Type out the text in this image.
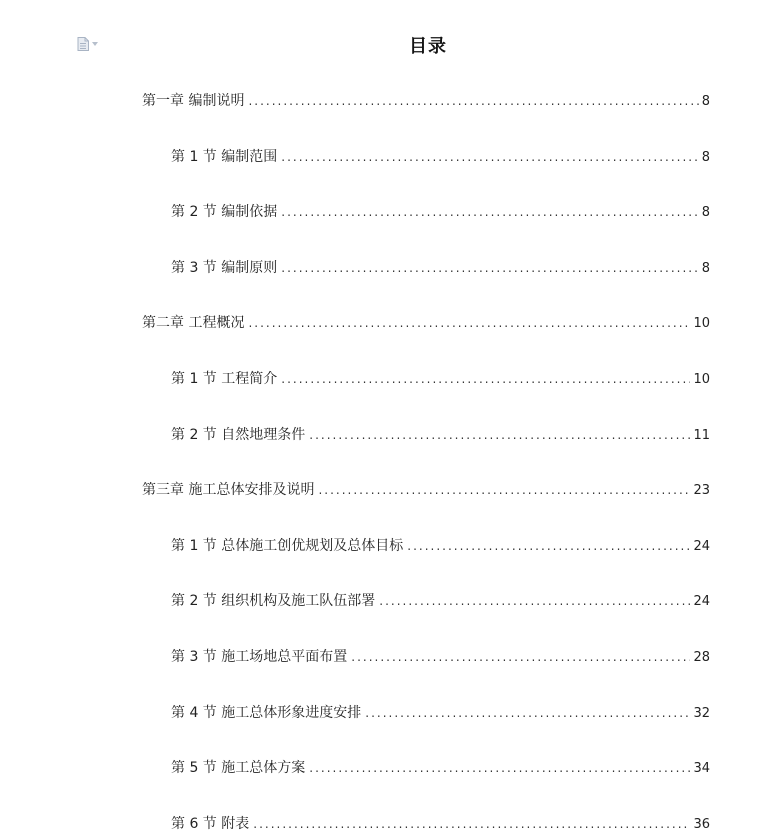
目录
第一章 编制说明 .....	8
第 1 节 编制范围 .....	8
第 2 节 编制依据 .....	8
第 3 节 编制原则 .....	8
第二章 工程概况 .....	10
第 1 节 工程简介 .....	10
第 2 节 自然地理条件 .....	11
第三章 施工总体安排及说明 .....	23
第 1 节 总体施工创优规划及总体目标 .....	24
第 2 节 组织机构及施工队伍部署 .....	24
第 3 节 施工场地总平面布置 .....	28
第 4 节 施工总体形象进度安排 .....	32
第 5 节 施工总体方案 .....	34
第 6 节 附表 .....	36
